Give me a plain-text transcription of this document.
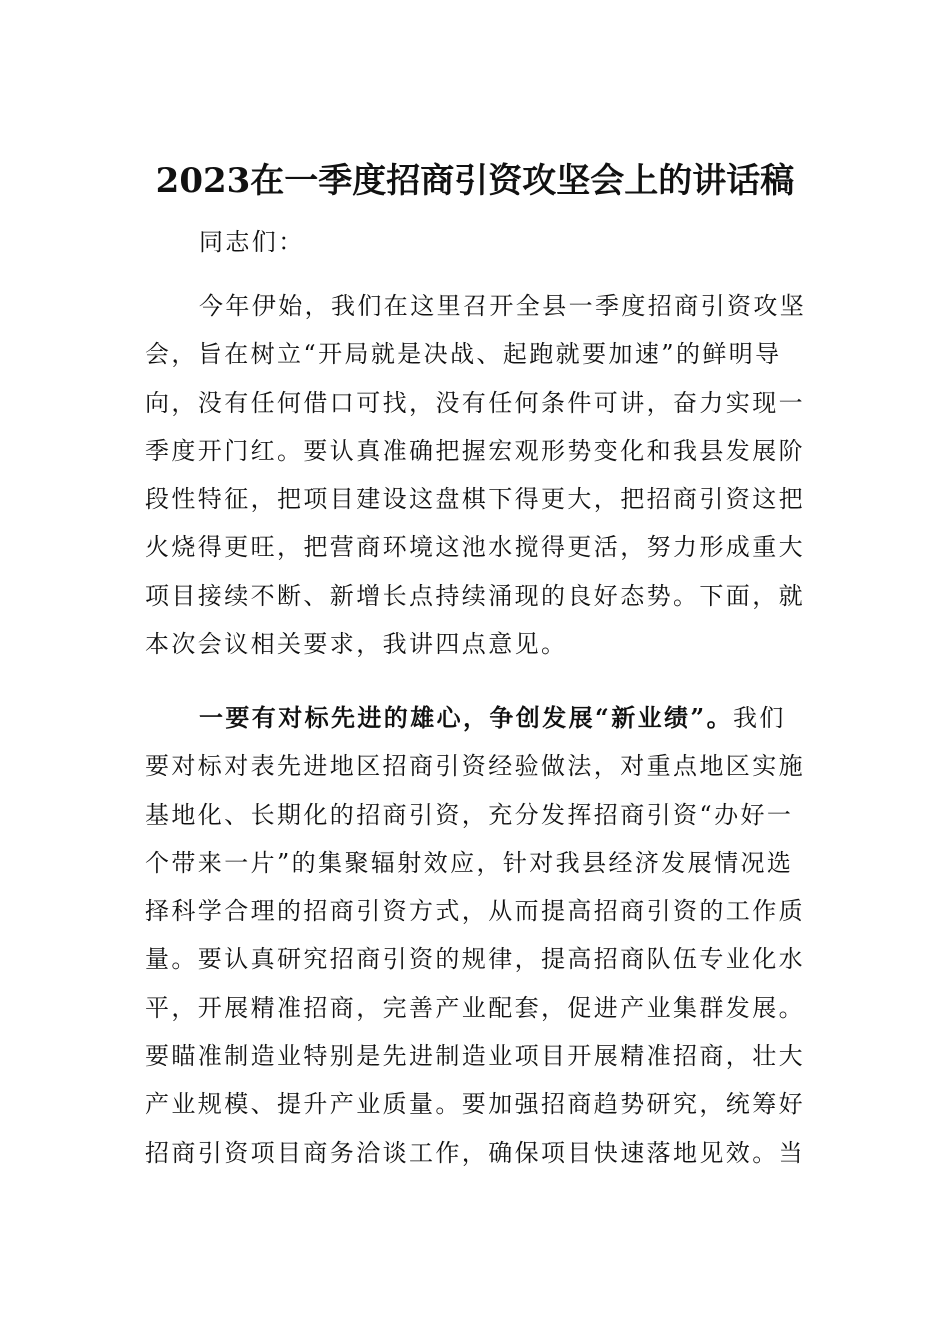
2023在一季度招商引资攻坚会上的讲话稿
同志们：
今年伊始，我们在这里召开全县一季度招商引资攻坚
会，旨在树立“开局就是决战、起跑就要加速”的鲜明导
向，没有任何借口可找，没有任何条件可讲，奋力实现一
季度开门红。要认真准确把握宏观形势变化和我县发展阶
段性特征，把项目建设这盘棋下得更大，把招商引资这把
火烧得更旺，把营商环境这池水搅得更活，努力形成重大
项目接续不断、新增长点持续涌现的良好态势。下面，就
本次会议相关要求，我讲四点意见。
一要有对标先进的雄心，争创发展“新业绩”。我们
要对标对表先进地区招商引资经验做法，对重点地区实施
基地化、长期化的招商引资，充分发挥招商引资“办好一
个带来一片”的集聚辐射效应，针对我县经济发展情况选
择科学合理的招商引资方式，从而提高招商引资的工作质
量。要认真研究招商引资的规律，提高招商队伍专业化水
平，开展精准招商，完善产业配套，促进产业集群发展。
要瞄准制造业特别是先进制造业项目开展精准招商，壮大
产业规模、提升产业质量。要加强招商趋势研究，统筹好
招商引资项目商务洽谈工作，确保项目快速落地见效。当
